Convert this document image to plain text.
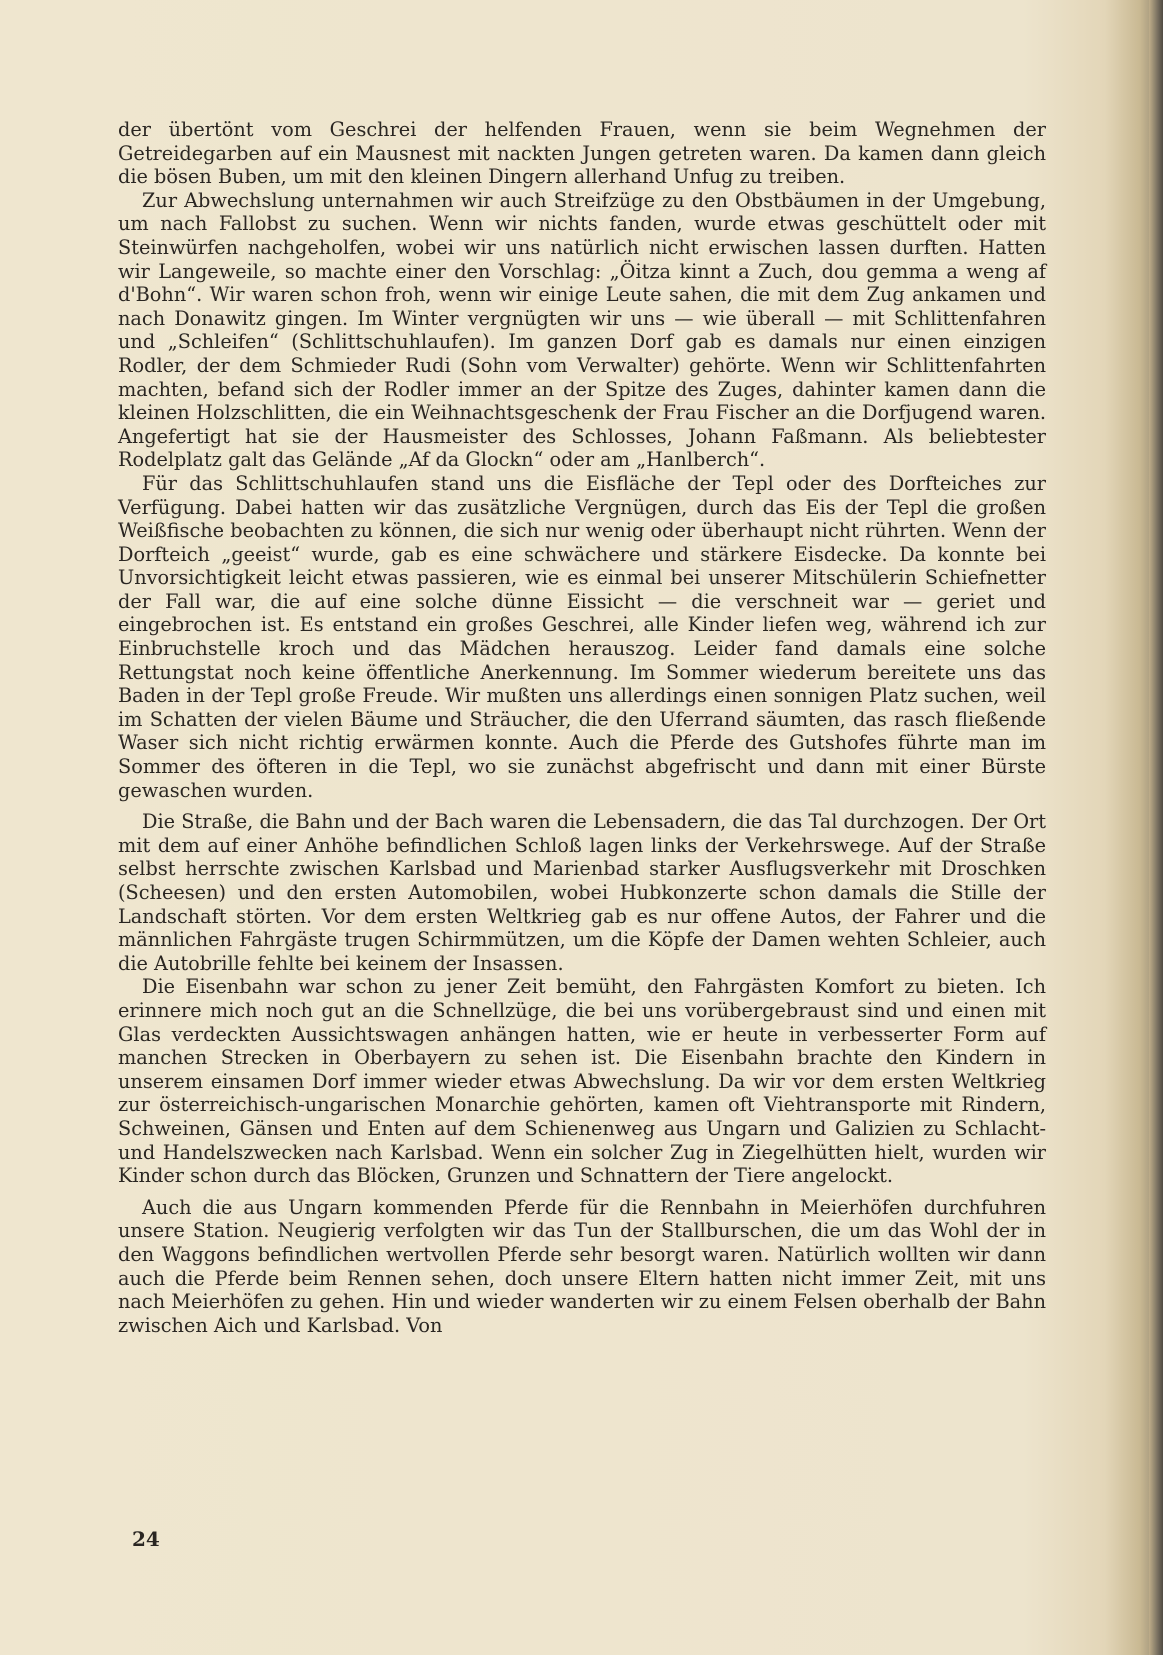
der übertönt vom Geschrei der helfenden Frauen, wenn sie beim Wegnehmen der Getreidegarben auf ein Mausnest mit nackten Jungen getreten waren. Da kamen dann gleich die bösen Buben, um mit den kleinen Dingern allerhand Unfug zu treiben.

Zur Abwechslung unternahmen wir auch Streifzüge zu den Obstbäumen in der Umgebung, um nach Fallobst zu suchen. Wenn wir nichts fanden, wurde etwas geschüttelt oder mit Steinwürfen nachgeholfen, wobei wir uns natürlich nicht erwischen lassen durften. Hatten wir Langeweile, so machte einer den Vorschlag: „Öitza kinnt a Zuch, dou gemma a weng af d'Bohn“. Wir waren schon froh, wenn wir einige Leute sahen, die mit dem Zug ankamen und nach Donawitz gingen. Im Winter vergnügten wir uns — wie überall — mit Schlittenfahren und „Schleifen“ (Schlittschuhlaufen). Im ganzen Dorf gab es damals nur einen einzigen Rodler, der dem Schmieder Rudi (Sohn vom Verwalter) gehörte. Wenn wir Schlittenfahrten machten, befand sich der Rodler immer an der Spitze des Zuges, dahinter kamen dann die kleinen Holzschlitten, die ein Weihnachtsgeschenk der Frau Fischer an die Dorfjugend waren. Angefertigt hat sie der Hausmeister des Schlosses, Johann Faßmann. Als beliebtester Rodelplatz galt das Gelände „Af da Glockn“ oder am „Hanlberch“.

Für das Schlittschuhlaufen stand uns die Eisfläche der Tepl oder des Dorfteiches zur Verfügung. Dabei hatten wir das zusätzliche Vergnügen, durch das Eis der Tepl die großen Weißfische beobachten zu können, die sich nur wenig oder überhaupt nicht rührten. Wenn der Dorfteich „geeist“ wurde, gab es eine schwächere und stärkere Eisdecke. Da konnte bei Unvorsichtigkeit leicht etwas passieren, wie es einmal bei unserer Mitschülerin Schiefnetter der Fall war, die auf eine solche dünne Eissicht — die verschneit war — geriet und eingebrochen ist. Es entstand ein großes Geschrei, alle Kinder liefen weg, während ich zur Einbruchstelle kroch und das Mädchen herauszog. Leider fand damals eine solche Rettungstat noch keine öffentliche Anerkennung. Im Sommer wiederum bereitete uns das Baden in der Tepl große Freude. Wir mußten uns allerdings einen sonnigen Platz suchen, weil im Schatten der vielen Bäume und Sträucher, die den Uferrand säumten, das rasch fließende Waser sich nicht richtig erwärmen konnte. Auch die Pferde des Gutshofes führte man im Sommer des öfteren in die Tepl, wo sie zunächst abgefrischt und dann mit einer Bürste gewaschen wurden.

Die Straße, die Bahn und der Bach waren die Lebensadern, die das Tal durchzogen. Der Ort mit dem auf einer Anhöhe befindlichen Schloß lagen links der Verkehrswege. Auf der Straße selbst herrschte zwischen Karlsbad und Marienbad starker Ausflugsverkehr mit Droschken (Scheesen) und den ersten Automobilen, wobei Hubkonzerte schon damals die Stille der Landschaft störten. Vor dem ersten Weltkrieg gab es nur offene Autos, der Fahrer und die männlichen Fahrgäste trugen Schirmmützen, um die Köpfe der Damen wehten Schleier, auch die Autobrille fehlte bei keinem der Insassen.

Die Eisenbahn war schon zu jener Zeit bemüht, den Fahrgästen Komfort zu bieten. Ich erinnere mich noch gut an die Schnellzüge, die bei uns vorübergebraust sind und einen mit Glas verdeckten Aussichtswagen anhängen hatten, wie er heute in verbesserter Form auf manchen Strecken in Oberbayern zu sehen ist. Die Eisenbahn brachte den Kindern in unserem einsamen Dorf immer wieder etwas Abwechslung. Da wir vor dem ersten Weltkrieg zur österreichisch-ungarischen Monarchie gehörten, kamen oft Viehtransporte mit Rindern, Schweinen, Gänsen und Enten auf dem Schienenweg aus Ungarn und Galizien zu Schlacht- und Handelszwecken nach Karlsbad. Wenn ein solcher Zug in Ziegelhütten hielt, wurden wir Kinder schon durch das Blöcken, Grunzen und Schnattern der Tiere angelockt.

Auch die aus Ungarn kommenden Pferde für die Rennbahn in Meierhöfen durchfuhren unsere Station. Neugierig verfolgten wir das Tun der Stallburschen, die um das Wohl der in den Waggons befindlichen wertvollen Pferde sehr besorgt waren. Natürlich wollten wir dann auch die Pferde beim Rennen sehen, doch unsere Eltern hatten nicht immer Zeit, mit uns nach Meierhöfen zu gehen. Hin und wieder wanderten wir zu einem Felsen oberhalb der Bahn zwischen Aich und Karlsbad. Von

24
